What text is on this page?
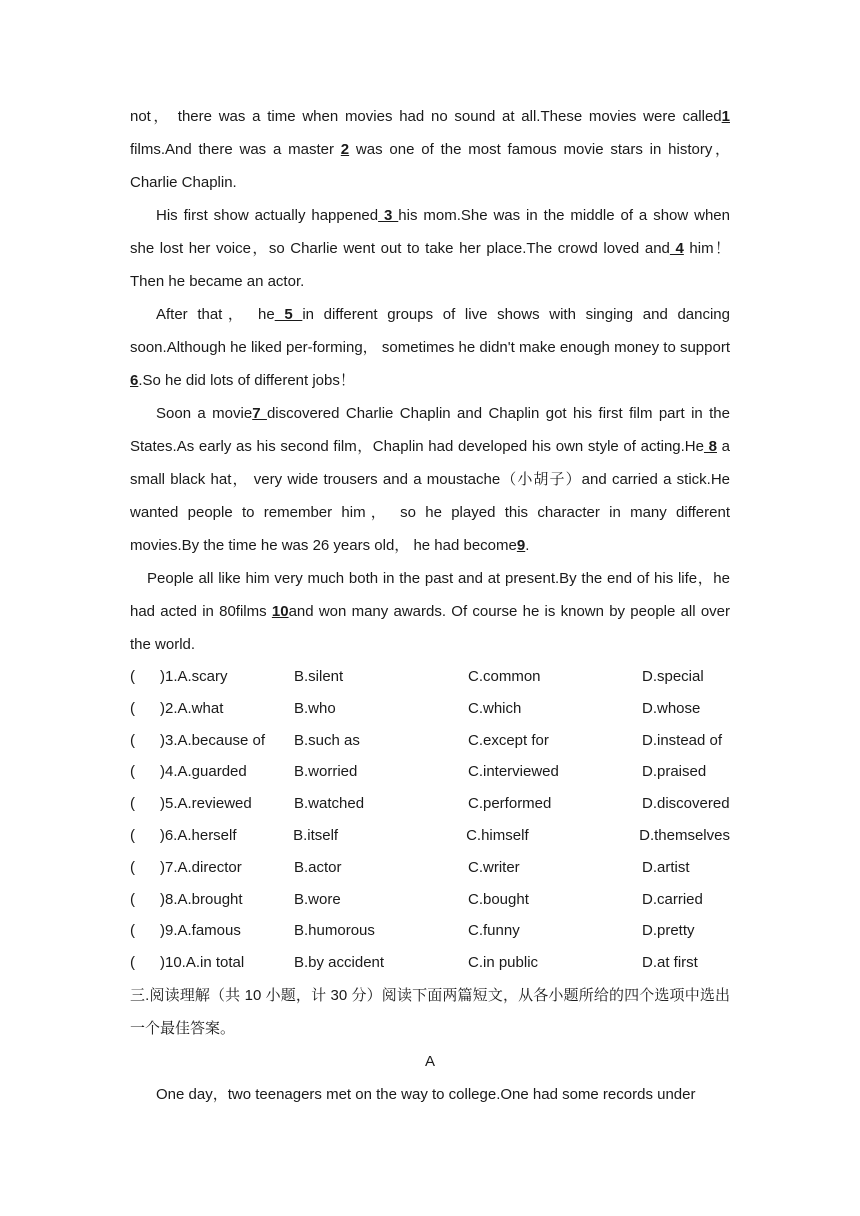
not， there was a time when movies had no sound at all.These movies were called1 films.And there was a master 2 was one of the most famous movie stars in history，Charlie Chaplin.

His first show actually happened 3 his mom.She was in the middle of a show when she lost her voice，so Charlie went out to take her place.The crowd loved and 4 him！Then he became an actor.

After that， he 5 in different groups of live shows with singing and dancing soon.Although he liked per-forming， sometimes he didn't make enough money to support 6.So he did lots of different jobs！

Soon a movie7 discovered Charlie Chaplin and Chaplin got his first film part in the States.As early as his second film，Chaplin had developed his own style of acting.He 8 a small black hat， very wide trousers and a moustache（小胡子）and carried a stick.He wanted people to remember him， so he played this character in many different movies.By the time he was 26 years old， he had become9.

People all like him very much both in the past and at present.By the end of his life，he had acted in 80films 10and won many awards. Of course he is known by people all over the world.

(	)1.A.scary	B.silent	C.common	D.special
(	)2.A.what	B.who	C.which	D.whose
(	)3.A.because of	B.such as	C.except for	D.instead of
(	)4.A.guarded	B.worried	C.interviewed	D.praised
(	)5.A.reviewed	B.watched	C.performed	D.discovered
(	)6.A.herself	B.itself	C.himself	D.themselves
(	)7.A.director	B.actor	C.writer	D.artist
(	)8.A.brought	B.wore	C.bought	D.carried
(	)9.A.famous	B.humorous	C.funny	D.pretty
(	)10.A.in total	B.by accident	C.in public	D.at first

三.阅读理解（共 10 小题，计 30 分）阅读下面两篇短文，从各小题所给的四个选项中选出一个最佳答案。

A

One day，two teenagers met on the way to college.One had some records under
